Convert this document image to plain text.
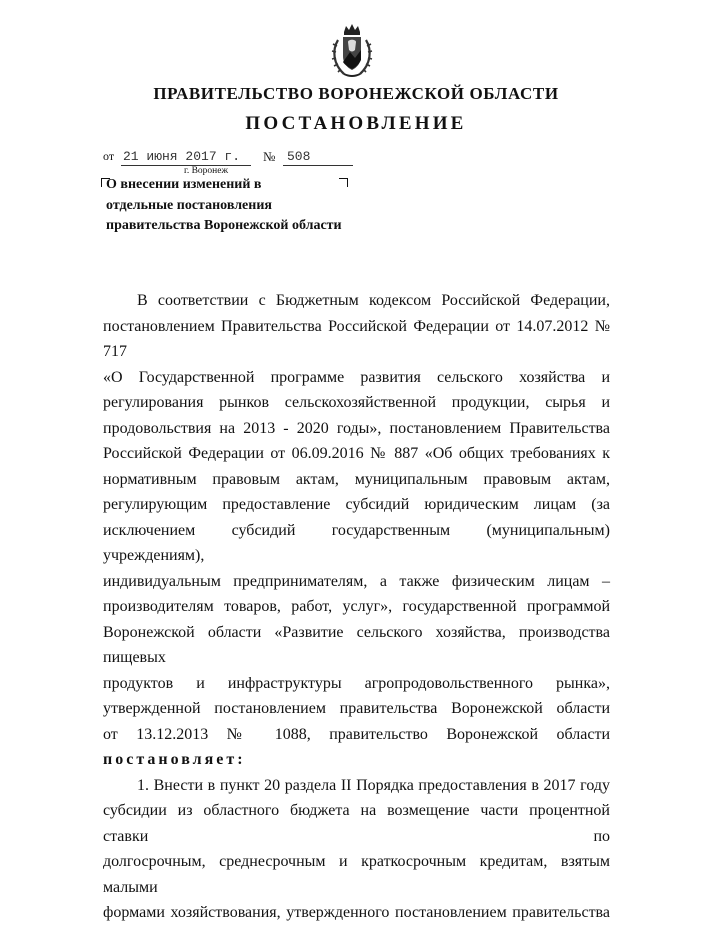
ПРАВИТЕЛЬСТВО ВОРОНЕЖСКОЙ ОБЛАСТИ
ПОСТАНОВЛЕНИЕ
от 21 июня 2017 г.	№ 508
г. Воронеж
О внесении изменений в
отдельные постановления
правительства Воронежской области

В соответствии с Бюджетным кодексом Российской Федерации,

постановлением Правительства Российской Федерации от 14.07.2012 № 717

«О Государственной программе развития сельского хозяйства и

регулирования рынков сельскохозяйственной продукции, сырья и

продовольствия на 2013 - 2020 годы», постановлением Правительства

Российской Федерации от 06.09.2016 № 887 «Об общих требованиях к

нормативным правовым актам, муниципальным правовым актам,

регулирующим предоставление субсидий юридическим лицам (за

исключением субсидий государственным (муниципальным) учреждениям),

индивидуальным предпринимателям, а также физическим лицам –

производителям товаров, работ, услуг», государственной программой

Воронежской области «Развитие сельского хозяйства, производства пищевых

продуктов и инфраструктуры агропродовольственного рынка»,

утвержденной постановлением правительства Воронежской области

от 13.12.2013 № 1088, правительство Воронежской области

постановляет:

1. Внести в пункт 20 раздела II Порядка предоставления в 2017 году

субсидии из областного бюджета на возмещение части процентной ставки по

долгосрочным, среднесрочным и краткосрочным кредитам, взятым малыми

формами хозяйствования, утвержденного постановлением правительства
